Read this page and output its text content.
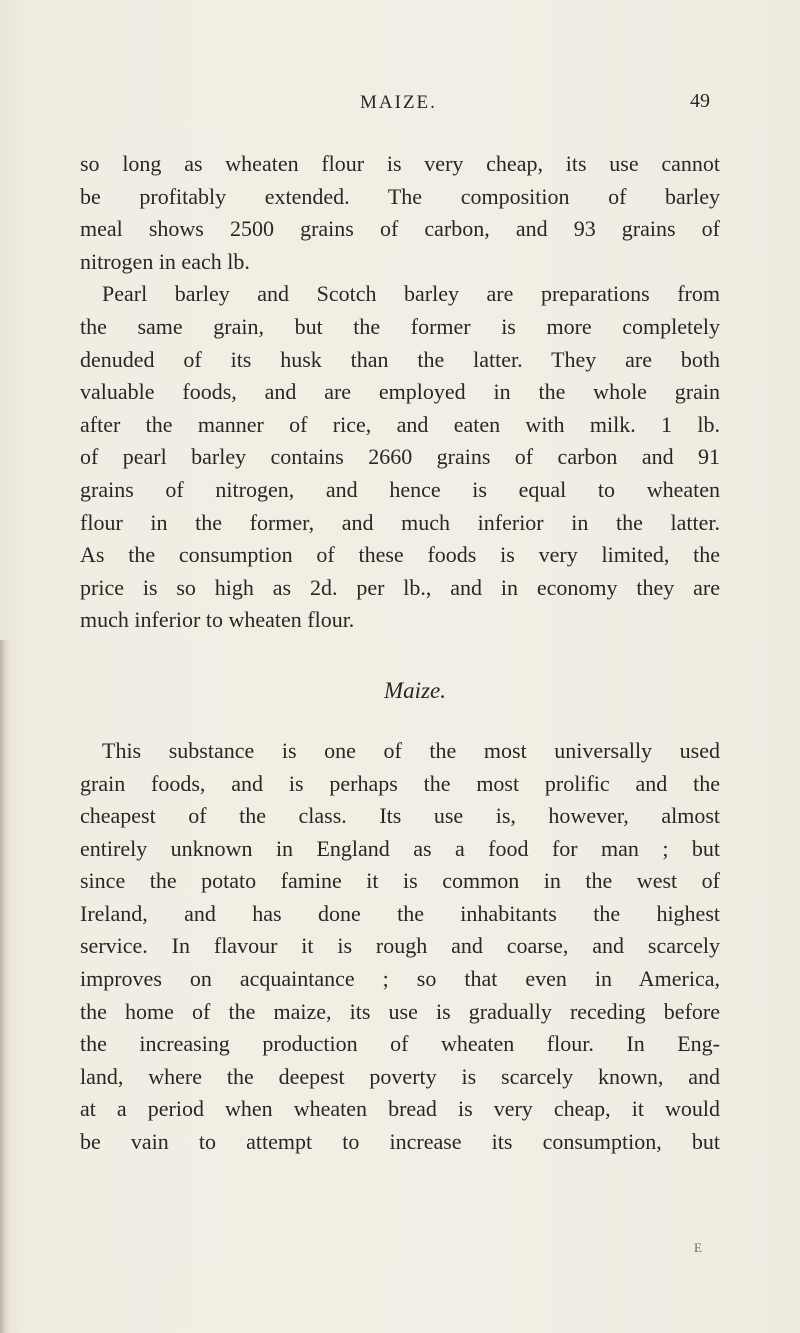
MAIZE.	49
so long as wheaten flour is very cheap, its use cannot
be profitably extended. The composition of barley
meal shows 2500 grains of carbon, and 93 grains of
nitrogen in each lb.
Pearl barley and Scotch barley are preparations from
the same grain, but the former is more completely
denuded of its husk than the latter. They are both
valuable foods, and are employed in the whole grain
after the manner of rice, and eaten with milk. 1 lb.
of pearl barley contains 2660 grains of carbon and 91
grains of nitrogen, and hence is equal to wheaten
flour in the former, and much inferior in the latter.
As the consumption of these foods is very limited, the
price is so high as 2d. per lb., and in economy they are
much inferior to wheaten flour.
Maize.
This substance is one of the most universally used
grain foods, and is perhaps the most prolific and the
cheapest of the class. Its use is, however, almost
entirely unknown in England as a food for man ; but
since the potato famine it is common in the west of
Ireland, and has done the inhabitants the highest
service. In flavour it is rough and coarse, and scarcely
improves on acquaintance ; so that even in America,
the home of the maize, its use is gradually receding before
the increasing production of wheaten flour. In Eng-
land, where the deepest poverty is scarcely known, and
at a period when wheaten bread is very cheap, it would
be vain to attempt to increase its consumption, but
E
